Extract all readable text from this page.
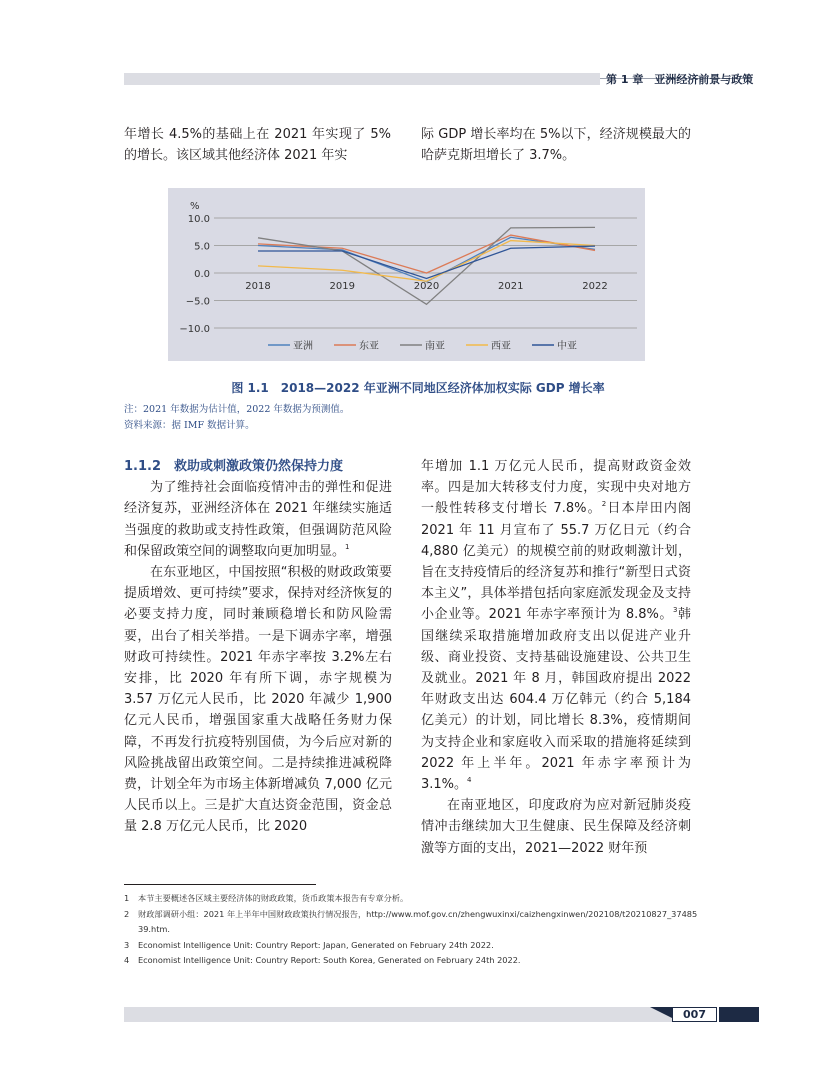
第 1 章　亚洲经济前景与政策

年增长 4.5%的基础上在 2021 年实现了 5%的增长。该区域其他经济体 2021 年实

际 GDP 增长率均在 5%以下，经济规模最大的哈萨克斯坦增长了 3.7%。

10.0
5.0
0.0
−5.0
−10.0
2018	2019	2020	2021	2022
亚洲	东亚	南亚	西亚	中亚
%
图 1.1　2018—2022 年亚洲不同地区经济体加权实际 GDP 增长率
注：2021 年数据为估计值，2022 年数据为预测值。
资料来源：据 IMF 数据计算。

1.1.2　救助或刺激政策仍然保持力度

为了维持社会面临疫情冲击的弹性和促进经济复苏，亚洲经济体在 2021 年继续实施适当强度的救助或支持性政策，但强调防范风险和保留政策空间的调整取向更加明显。$^1$

在东亚地区，中国按照“积极的财政政策要提质增效、更可持续”要求，保持对经济恢复的必要支持力度，同时兼顾稳增长和防风险需要，出台了相关举措。一是下调赤字率，增强财政可持续性。2021 年赤字率按 3.2%左右安排，比 2020 年有所下调，赤字规模为 3.57 万亿元人民币，比 2020 年减少 1,900 亿元人民币，增强国家重大战略任务财力保障，不再发行抗疫特别国债，为今后应对新的风险挑战留出政策空间。二是持续推进减税降费，计划全年为市场主体新增减负 7,000 亿元人民币以上。三是扩大直达资金范围，资金总量 2.8 万亿元人民币，比 2020

年增加 1.1 万亿元人民币，提高财政资金效率。四是加大转移支付力度，实现中央对地方一般性转移支付增长 7.8%。$^2$日本岸田内阁 2021 年 11 月宣布了 55.7 万亿日元（约合 4,880 亿美元）的规模空前的财政刺激计划，旨在支持疫情后的经济复苏和推行“新型日式资本主义”，具体举措包括向家庭派发现金及支持小企业等。2021 年赤字率预计为 8.8%。$^3$韩国继续采取措施增加政府支出以促进产业升级、商业投资、支持基础设施建设、公共卫生及就业。2021 年 8 月，韩国政府提出 2022 年财政支出达 604.4 万亿韩元（约合 5,184 亿美元）的计划，同比增长 8.3%，疫情期间为支持企业和家庭收入而采取的措施将延续到 2022 年上半年。2021 年赤字率预计为 3.1%。$^4$

在南亚地区，印度政府为应对新冠肺炎疫情冲击继续加大卫生健康、民生保障及经济刺激等方面的支出，2021—2022 财年预

1	本节主要概述各区域主要经济体的财政政策，货币政策本报告有专章分析。
2	财政部调研小组：2021 年上半年中国财政政策执行情况报告，http://www.mof.gov.cn/zhengwuxinxi/caizhengxinwen/202108/t20210827_3748539.htm.
3	Economist Intelligence Unit: Country Report: Japan, Generated on February 24th 2022.
4	Economist Intelligence Unit: Country Report: South Korea, Generated on February 24th 2022.
007
